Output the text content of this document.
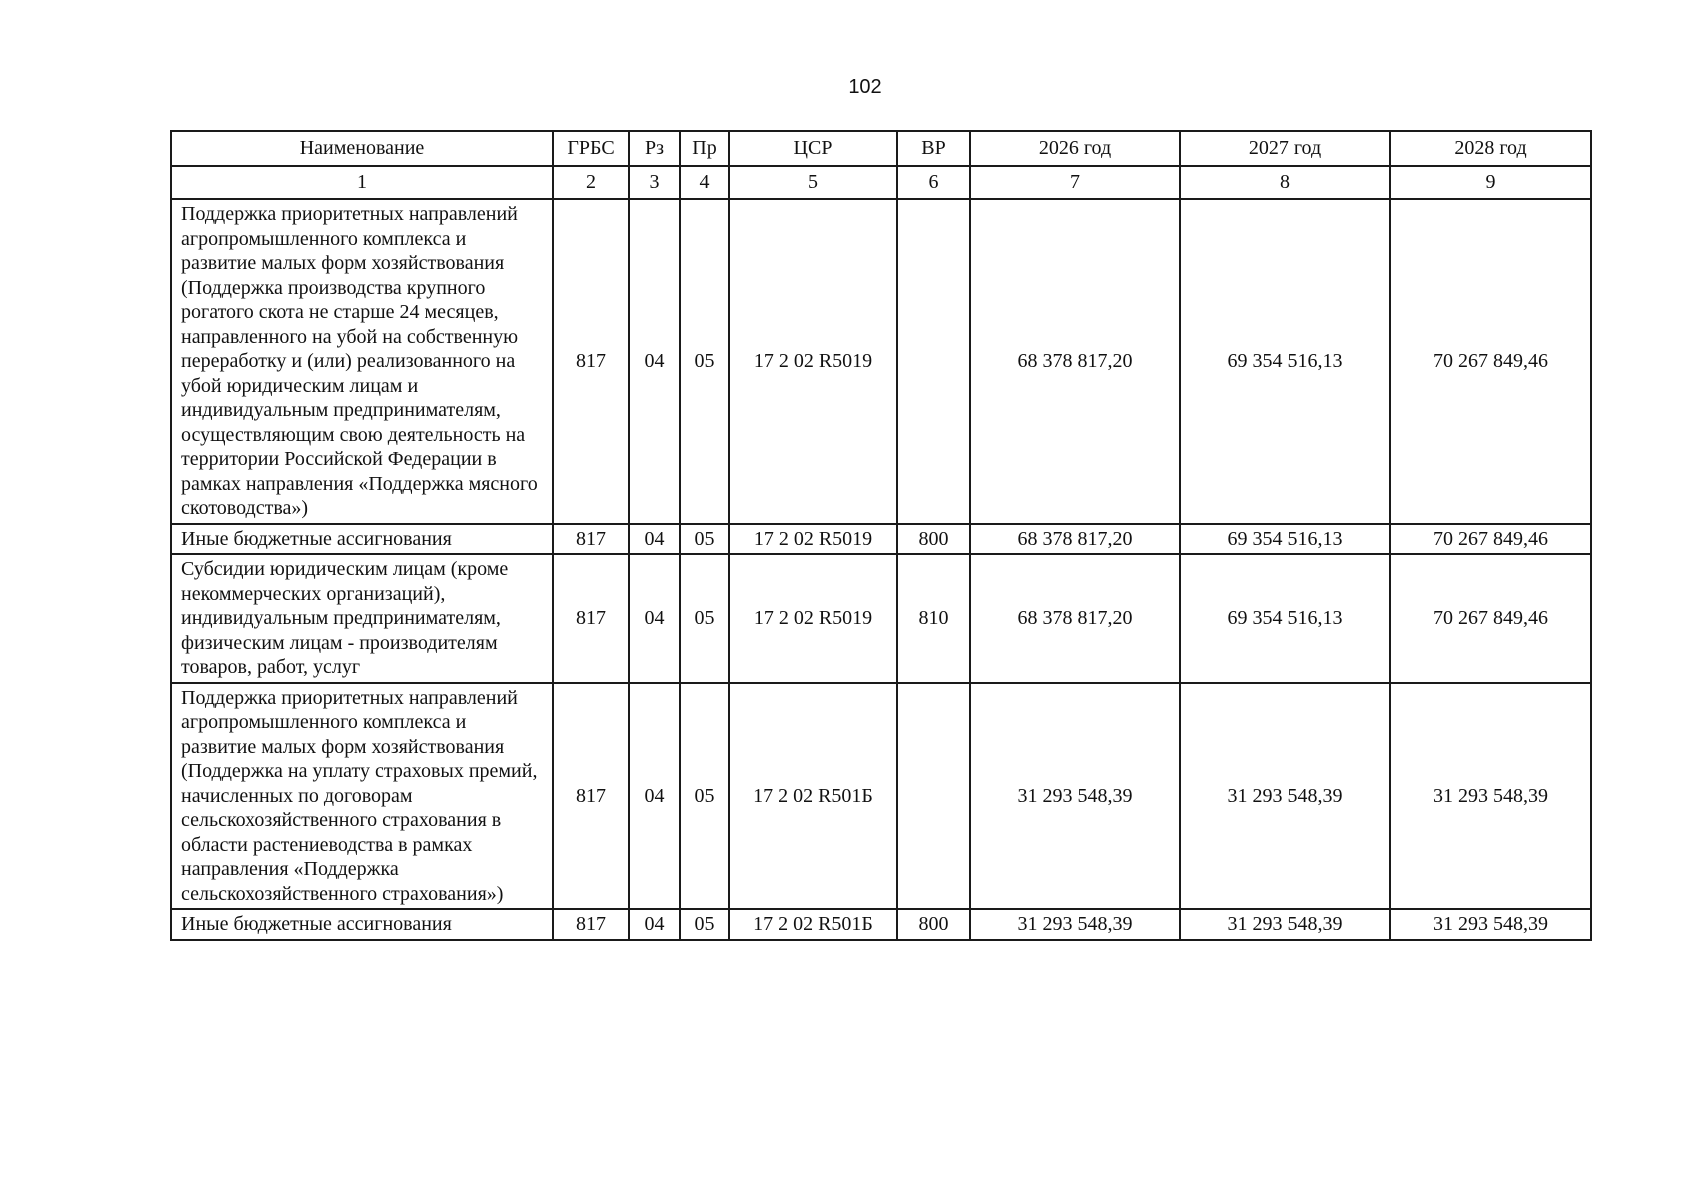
102
Наименование	ГРБС	Рз	Пр	ЦСР	ВР	2026 год	2027 год	2028 год
1	2	3	4	5	6	7	8	9
Поддержка приоритетных направлений агропромышленного комплекса и развитие малых форм хозяйствования (Поддержка производства крупного рогатого скота не старше 24 месяцев, направленного на убой на собственную переработку и (или) реализованного на убой юридическим лицам и индивидуальным предпринимателям, осуществляющим свою деятельность на территории Российской Федерации в рамках направления «Поддержка мясного скотоводства»)	817	04	05	17 2 02 R5019		68 378 817,20	69 354 516,13	70 267 849,46
Иные бюджетные ассигнования	817	04	05	17 2 02 R5019	800	68 378 817,20	69 354 516,13	70 267 849,46
Субсидии юридическим лицам (кроме некоммерческих организаций), индивидуальным предпринимателям, физическим лицам - производителям товаров, работ, услуг	817	04	05	17 2 02 R5019	810	68 378 817,20	69 354 516,13	70 267 849,46
Поддержка приоритетных направлений агропромышленного комплекса и развитие малых форм хозяйствования (Поддержка на уплату страховых премий, начисленных по договорам сельскохозяйственного страхования в области растениеводства в рамках направления «Поддержка сельскохозяйственного страхования»)	817	04	05	17 2 02 R501Б		31 293 548,39	31 293 548,39	31 293 548,39
Иные бюджетные ассигнования	817	04	05	17 2 02 R501Б	800	31 293 548,39	31 293 548,39	31 293 548,39
